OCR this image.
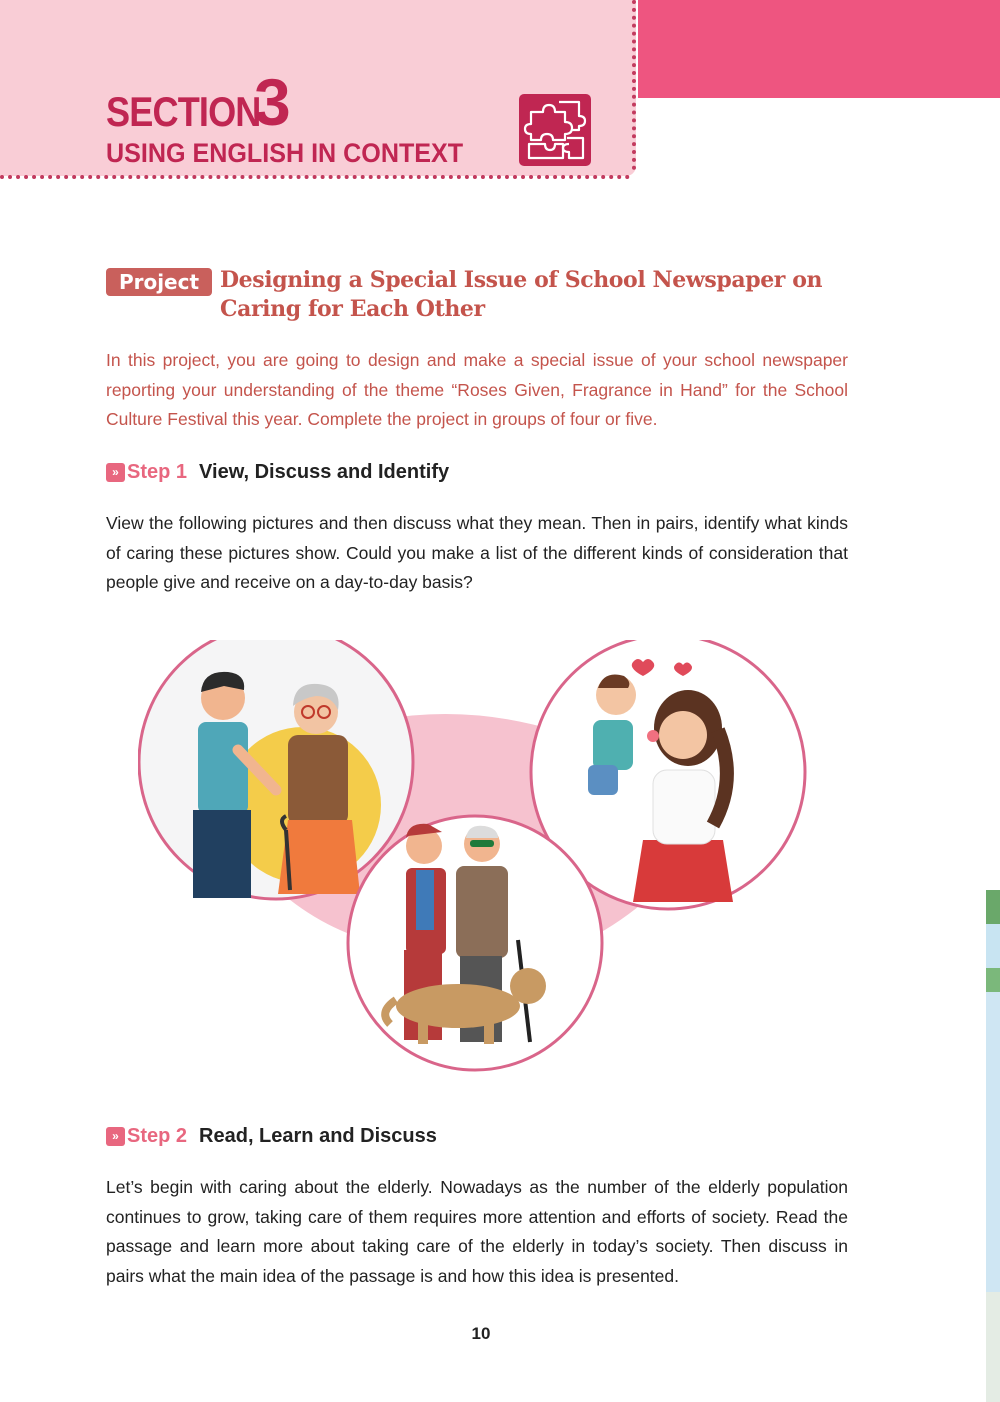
SECTION
3
USING ENGLISH IN CONTEXT
Project Designing a Special Issue of School Newspaper on Caring for Each Other

In this project, you are going to design and make a special issue of your school newspaper reporting your understanding of the theme “Roses Given, Fragrance in Hand” for the School Culture Festival this year. Complete the project in groups of four or five.

» Step 1 View, Discuss and Identify

View the following pictures and then discuss what they mean. Then in pairs, identify what kinds of caring these pictures show. Could you make a list of the different kinds of consideration that people give and receive on a day-to-day basis?

» Step 2 Read, Learn and Discuss

Let’s begin with caring about the elderly. Nowadays as the number of the elderly population continues to grow, taking care of them requires more attention and efforts of society. Read the passage and learn more about taking care of the elderly in today’s society. Then discuss in pairs what the main idea of the passage is and how this idea is presented.

10
